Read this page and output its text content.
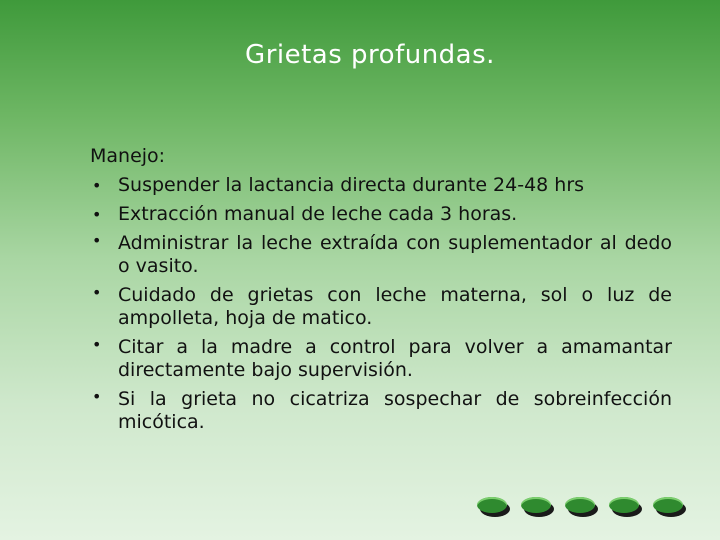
Grietas profundas.

Manejo:

• Suspender la lactancia directa durante 24-48 hrs
• Extracción manual de leche cada 3 horas.
• Administrar la leche extraída con suplementador al dedo o vasito.
• Cuidado de grietas con leche materna, sol o luz de ampolleta, hoja de matico.
• Citar a la madre a control para volver a amamantar directamente bajo supervisión.
• Si la grieta no cicatriza sospechar de sobreinfección micótica.
